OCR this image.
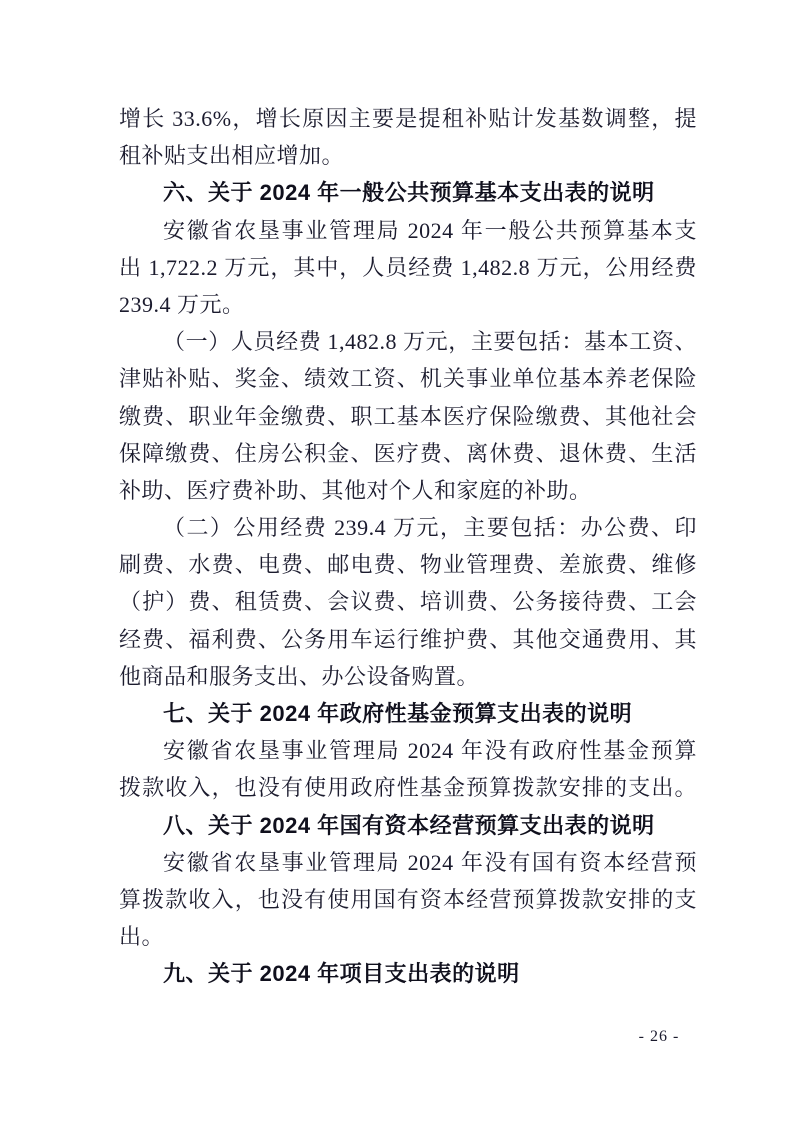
增长 33.6%，增长原因主要是提租补贴计发基数调整，提
租补贴支出相应增加。
六、关于 2024 年一般公共预算基本支出表的说明
安徽省农垦事业管理局 2024 年一般公共预算基本支
出 1,722.2 万元，其中，人员经费 1,482.8 万元，公用经费
239.4 万元。
（一）人员经费 1,482.8 万元，主要包括：基本工资、
津贴补贴、奖金、绩效工资、机关事业单位基本养老保险
缴费、职业年金缴费、职工基本医疗保险缴费、其他社会
保障缴费、住房公积金、医疗费、离休费、退休费、生活
补助、医疗费补助、其他对个人和家庭的补助。
（二）公用经费 239.4 万元，主要包括：办公费、印
刷费、水费、电费、邮电费、物业管理费、差旅费、维修
（护）费、租赁费、会议费、培训费、公务接待费、工会
经费、福利费、公务用车运行维护费、其他交通费用、其
他商品和服务支出、办公设备购置。
七、关于 2024 年政府性基金预算支出表的说明
安徽省农垦事业管理局 2024 年没有政府性基金预算
拨款收入，也没有使用政府性基金预算拨款安排的支出。
八、关于 2024 年国有资本经营预算支出表的说明
安徽省农垦事业管理局 2024 年没有国有资本经营预
算拨款收入，也没有使用国有资本经营预算拨款安排的支
出。
九、关于 2024 年项目支出表的说明
- 26 -
